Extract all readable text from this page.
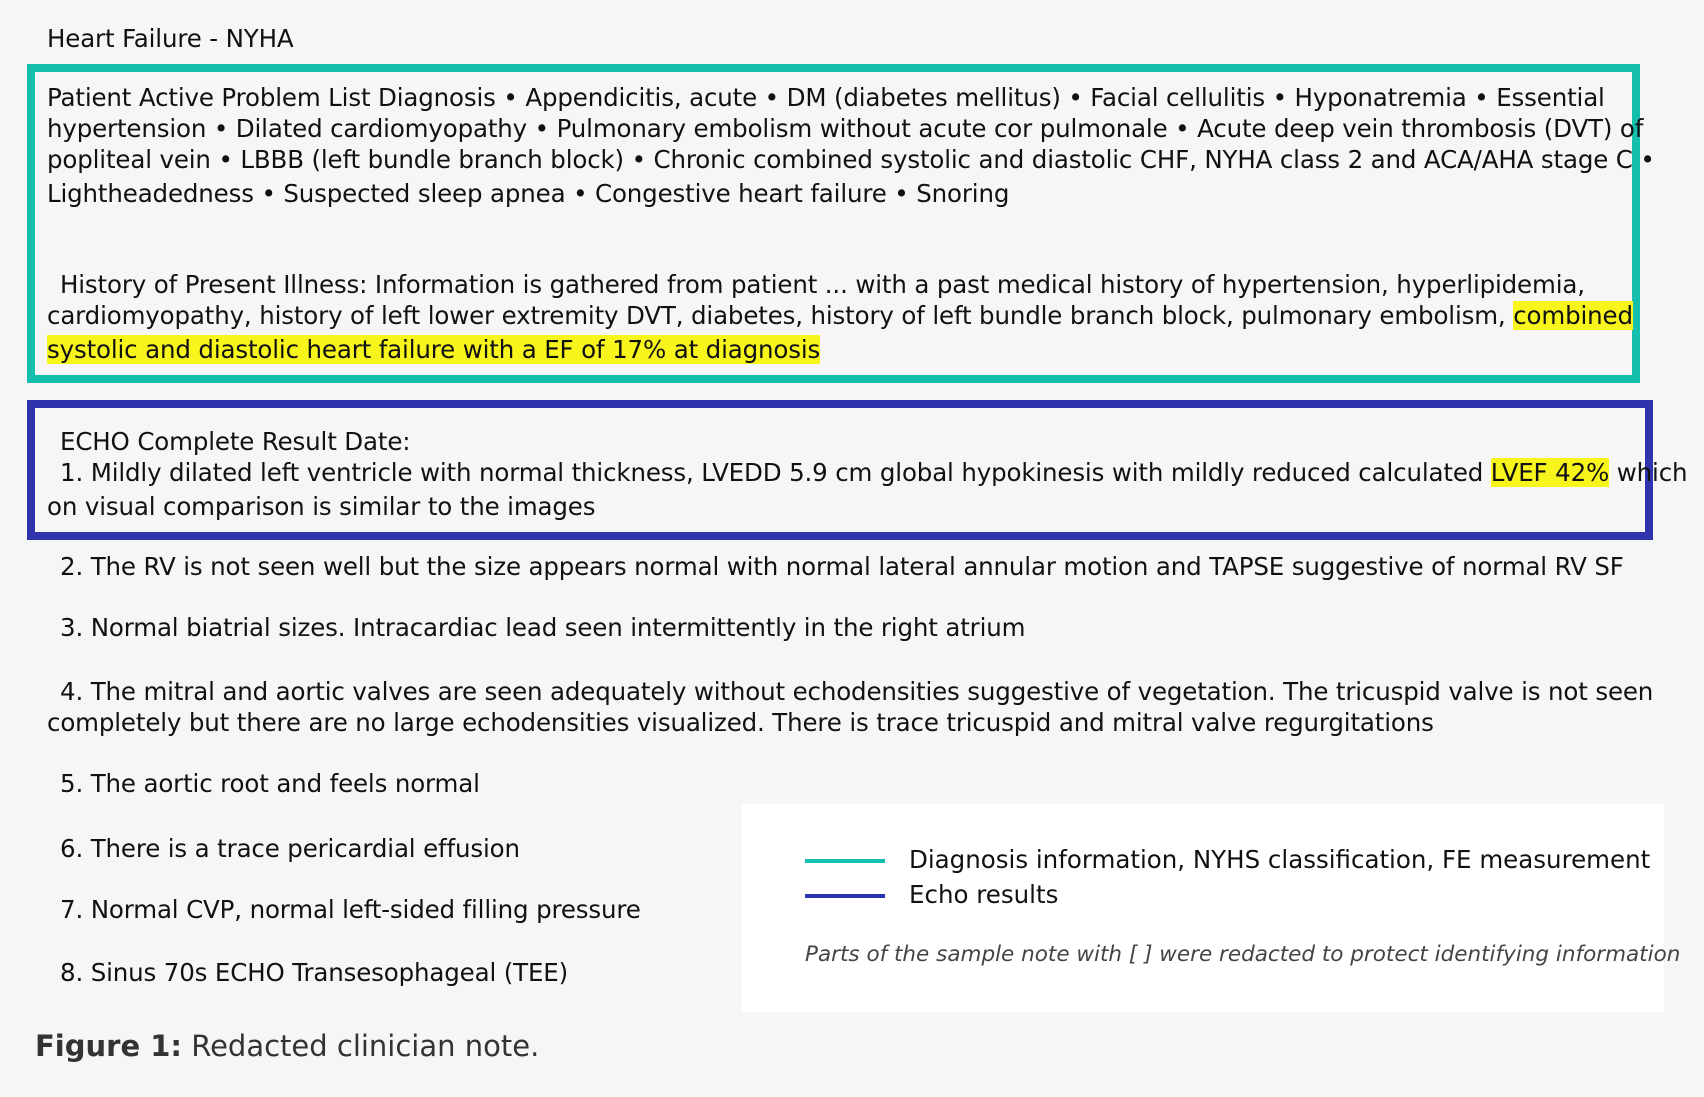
Heart Failure - NYHA
Patient Active Problem List Diagnosis • Appendicitis, acute • DM (diabetes mellitus) • Facial cellulitis • Hyponatremia • Essential
hypertension • Dilated cardiomyopathy • Pulmonary embolism without acute cor pulmonale • Acute deep vein thrombosis (DVT) of
popliteal vein • LBBB (left bundle branch block) • Chronic combined systolic and diastolic CHF, NYHA class 2 and ACA/AHA stage C •
Lightheadedness • Suspected sleep apnea • Congestive heart failure • Snoring
History of Present Illness: Information is gathered from patient ... with a past medical history of hypertension, hyperlipidemia,
cardiomyopathy, history of left lower extremity DVT, diabetes, history of left bundle branch block, pulmonary embolism, combined
systolic and diastolic heart failure with a EF of 17% at diagnosis
ECHO Complete Result Date:
1. Mildly dilated left ventricle with normal thickness, LVEDD 5.9 cm global hypokinesis with mildly reduced calculated LVEF 42% which
on visual comparison is similar to the images
2. The RV is not seen well but the size appears normal with normal lateral annular motion and TAPSE suggestive of normal RV SF
3. Normal biatrial sizes. Intracardiac lead seen intermittently in the right atrium
4. The mitral and aortic valves are seen adequately without echodensities suggestive of vegetation. The tricuspid valve is not seen
completely but there are no large echodensities visualized. There is trace tricuspid and mitral valve regurgitations
5. The aortic root and feels normal
6. There is a trace pericardial effusion
7. Normal CVP, normal left-sided filling pressure
8. Sinus 70s ECHO Transesophageal (TEE)
Diagnosis information, NYHS classification, FE measurement
Echo results
Parts of the sample note with [ ] were redacted to protect identifying information
Figure 1: Redacted clinician note.
